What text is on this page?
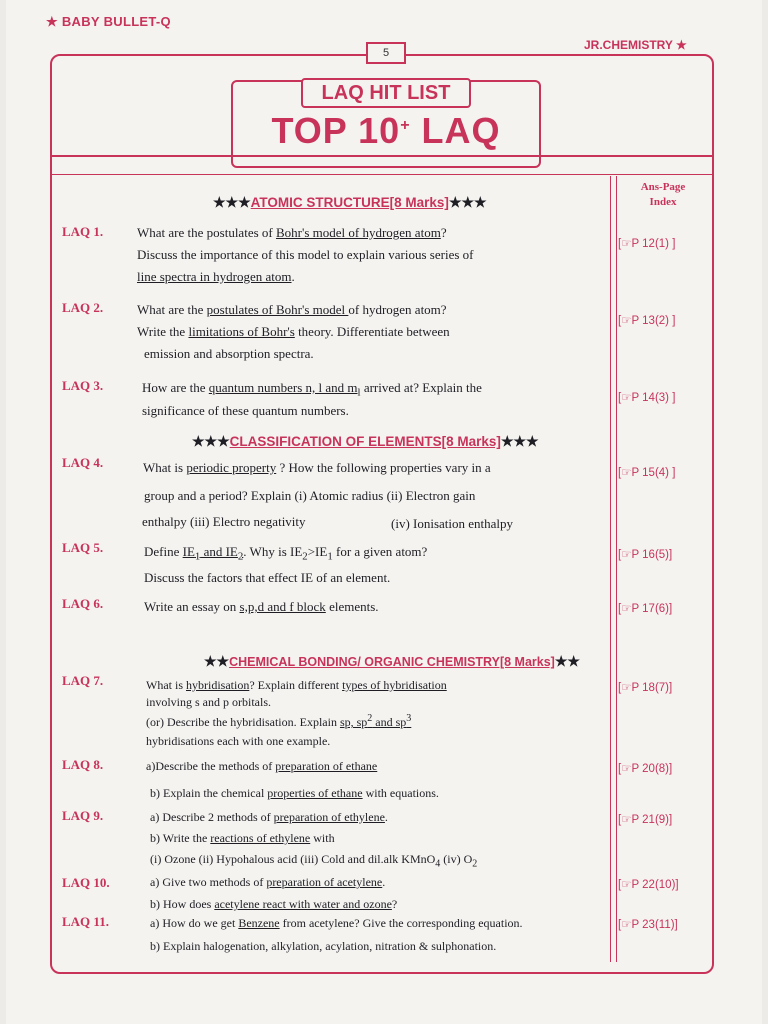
★ BABY BULLET-Q
JR.CHEMISTRY ★
5
LAQ HIT LIST
TOP 10+ LAQ
Ans-Page
Index
★★★ATOMIC STRUCTURE[8 Marks]★★★
LAQ 1.	What are the postulates of Bohr's model of hydrogen atom?
Discuss the importance of this model to explain various series of
line spectra in hydrogen atom.
[☞P 12(1) ]
LAQ 2.	What are the postulates of Bohr's model of hydrogen atom?
Write the limitations of Bohr's theory. Differentiate between
emission and absorption spectra.
[☞P 13(2) ]
LAQ 3.	How are the quantum numbers n, l and $m_l$ arrived at? Explain the
significance of these quantum numbers.
[☞P 14(3) ]
★★★CLASSIFICATION OF ELEMENTS[8 Marks]★★★
LAQ 4.	What is periodic property ? How the following properties vary in a
group and a period? Explain (i) Atomic radius (ii) Electron gain
enthalpy (iii) Electro negativity	(iv) Ionisation enthalpy
[☞P 15(4) ]
LAQ 5.	Define $IE_1$ and $IE_2$. Why is $IE_2>IE_1$ for a given atom?
Discuss the factors that effect IE of an element.
[☞P 16(5)]
LAQ 6.	Write an essay on s,p,d and f block elements.	[☞P 17(6)]
★★CHEMICAL BONDING/ ORGANIC CHEMISTRY[8 Marks]★★
LAQ 7.	What is hybridisation? Explain different types of hybridisation
involving s and p orbitals.
(or) Describe the hybridisation. Explain sp, $sp^2$ and $sp^3$
hybridisations each with one example.
[☞P 18(7)]
LAQ 8.	a)Describe the methods of preparation of ethane
b) Explain the chemical properties of ethane with equations.
[☞P 20(8)]
LAQ 9.	a) Describe 2 methods of preparation of ethylene.
b) Write the reactions of ethylene with
(i) Ozone (ii) Hypohalous acid (iii) Cold and dil.alk KMnO$_4$ (iv) $O_2$
[☞P 21(9)]
LAQ 10.	a) Give two methods of preparation of acetylene.
b) How does acetylene react with water and ozone?
[☞P 22(10)]
LAQ 11.	a) How do we get Benzene from acetylene? Give the corresponding equation.
b) Explain halogenation, alkylation, acylation, nitration & sulphonation.
[☞P 23(11)]
